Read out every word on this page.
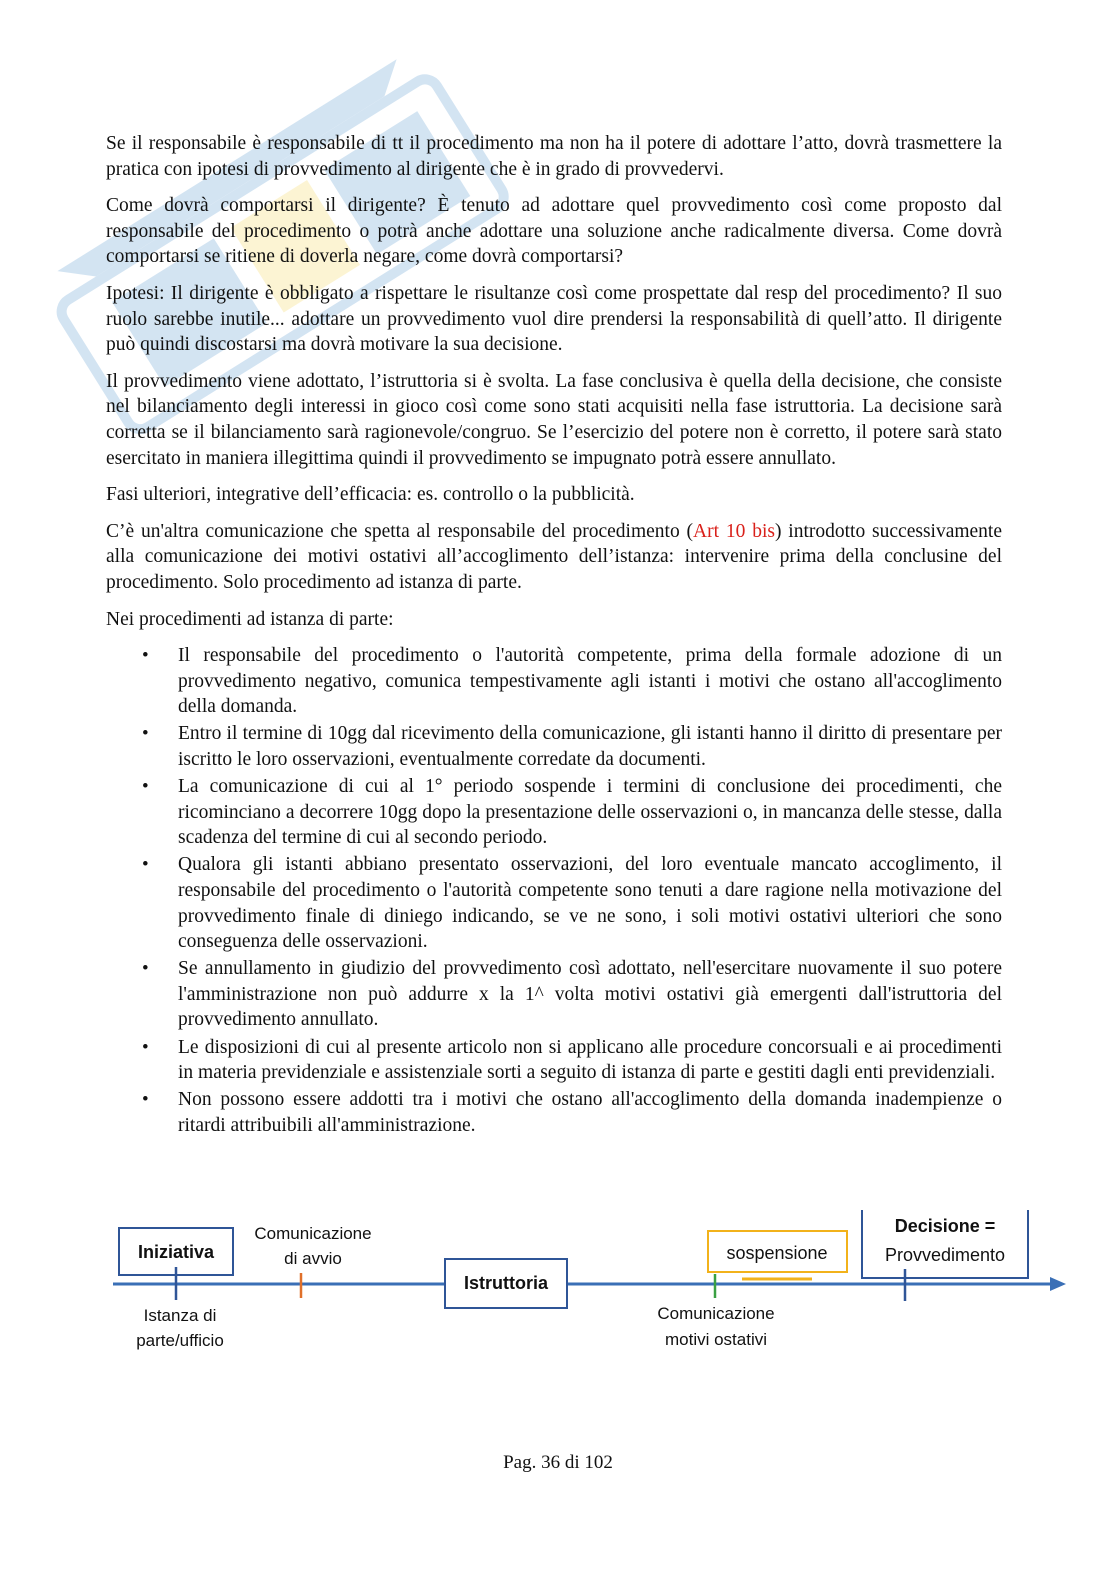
Se il responsabile è responsabile di tt il procedimento ma non ha il potere di adottare l’atto, dovrà trasmettere la pratica con ipotesi di provvedimento al dirigente che è in grado di provvedervi.

Come dovrà comportarsi il dirigente? È tenuto ad adottare quel provvedimento così come proposto dal responsabile del procedimento o potrà anche adottare una soluzione anche radicalmente diversa. Come dovrà comportarsi se ritiene di doverla negare, come dovrà comportarsi?

Ipotesi: Il dirigente è obbligato a rispettare le risultanze così come prospettate dal resp del procedimento? Il suo ruolo sarebbe inutile... adottare un provvedimento vuol dire prendersi la responsabilità di quell’atto. Il dirigente può quindi discostarsi ma dovrà motivare la sua decisione.

Il provvedimento viene adottato, l’istruttoria si è svolta. La fase conclusiva è quella della decisione, che consiste nel bilanciamento degli interessi in gioco così come sono stati acquisiti nella fase istruttoria. La decisione sarà corretta se il bilanciamento sarà ragionevole/congruo. Se l’esercizio del potere non è corretto, il potere sarà stato esercitato in maniera illegittima quindi il provvedimento se impugnato potrà essere annullato.

Fasi ulteriori, integrative dell’efficacia: es. controllo o la pubblicità.

C’è un'altra comunicazione che spetta al responsabile del procedimento (Art 10 bis) introdotto successivamente alla comunicazione dei motivi ostativi all’accoglimento dell’istanza: intervenire prima della conclusine del procedimento. Solo procedimento ad istanza di parte.

Nei procedimenti ad istanza di parte:

• Il responsabile del procedimento o l'autorità competente, prima della formale adozione di un provvedimento negativo, comunica tempestivamente agli istanti i motivi che ostano all'accoglimento della domanda.
• Entro il termine di 10gg dal ricevimento della comunicazione, gli istanti hanno il diritto di presentare per iscritto le loro osservazioni, eventualmente corredate da documenti.
• La comunicazione di cui al 1° periodo sospende i termini di conclusione dei procedimenti, che ricominciano a decorrere 10gg dopo la presentazione delle osservazioni o, in mancanza delle stesse, dalla scadenza del termine di cui al secondo periodo.
• Qualora gli istanti abbiano presentato osservazioni, del loro eventuale mancato accoglimento, il responsabile del procedimento o l'autorità competente sono tenuti a dare ragione nella motivazione del provvedimento finale di diniego indicando, se ve ne sono, i soli motivi ostativi ulteriori che sono conseguenza delle osservazioni.
• Se annullamento in giudizio del provvedimento così adottato, nell'esercitare nuovamente il suo potere l'amministrazione non può addurre x la 1^ volta motivi ostativi già emergenti dall'istruttoria del provvedimento annullato.
• Le disposizioni di cui al presente articolo non si applicano alle procedure concorsuali e ai procedimenti in materia previdenziale e assistenziale sorti a seguito di istanza di parte e gestiti dagli enti previdenziali.
• Non possono essere addotti tra i motivi che ostano all'accoglimento della domanda inadempienze o ritardi attribuibili all'amministrazione.
Iniziativa
Istanza di
parte/ufficio
Comunicazione
di avvio
Istruttoria
sospensione
Comunicazione
motivi ostativi
Decisione =
Provvedimento
Pag. 36 di 102
